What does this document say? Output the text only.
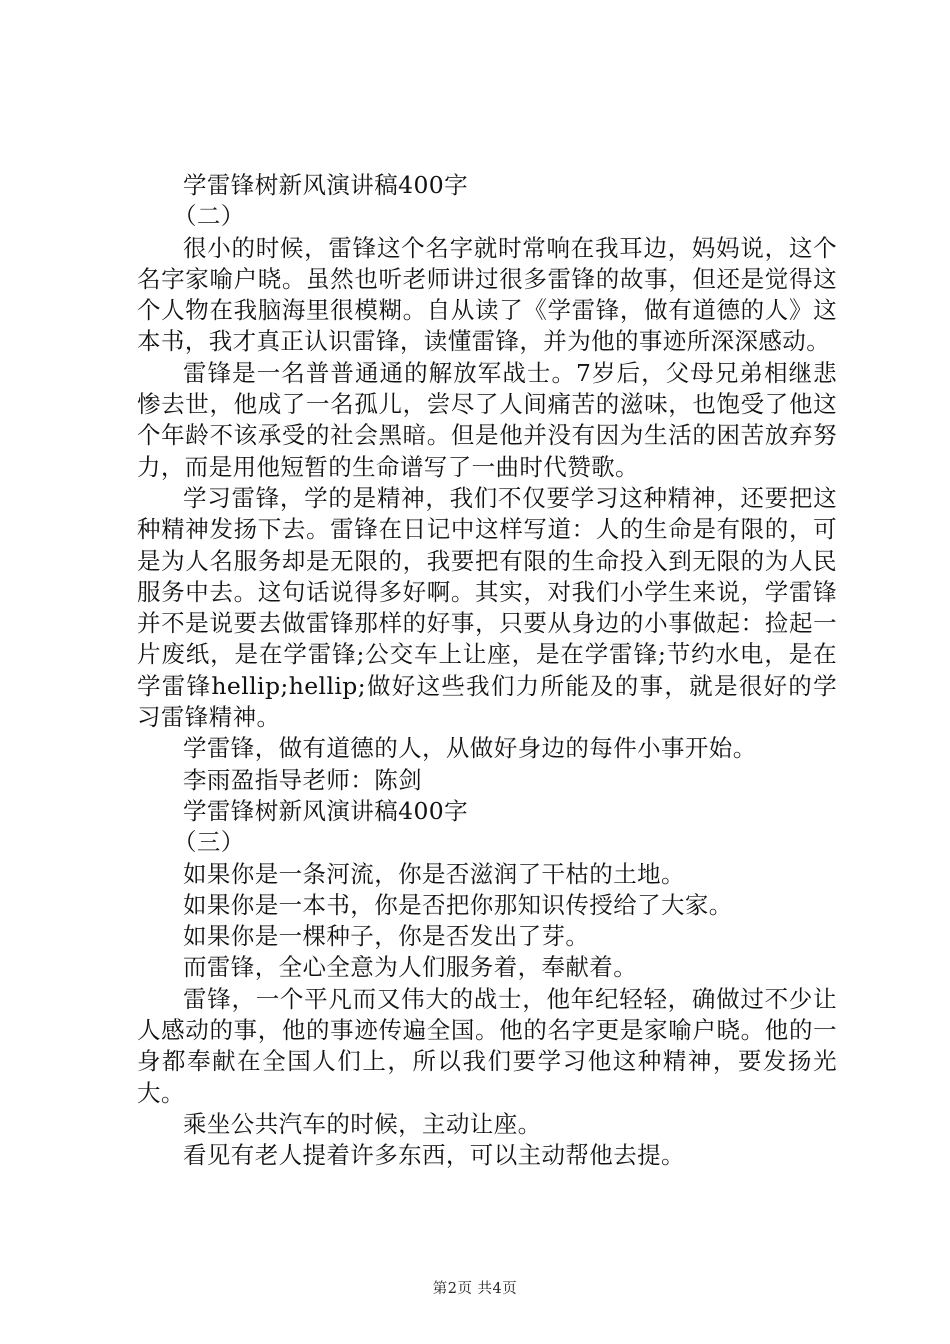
学雷锋树新风演讲稿400字

（二）

很小的时候，雷锋这个名字就时常响在我耳边，妈妈说，这个名字家喻户晓。虽然也听老师讲过很多雷锋的故事，但还是觉得这个人物在我脑海里很模糊。自从读了《学雷锋，做有道德的人》这本书，我才真正认识雷锋，读懂雷锋，并为他的事迹所深深感动。

雷锋是一名普普通通的解放军战士。7岁后，父母兄弟相继悲惨去世，他成了一名孤儿，尝尽了人间痛苦的滋味，也饱受了他这个年龄不该承受的社会黑暗。但是他并没有因为生活的困苦放弃努力，而是用他短暂的生命谱写了一曲时代赞歌。

学习雷锋，学的是精神，我们不仅要学习这种精神，还要把这种精神发扬下去。雷锋在日记中这样写道：人的生命是有限的，可是为人名服务却是无限的，我要把有限的生命投入到无限的为人民服务中去。这句话说得多好啊。其实，对我们小学生来说，学雷锋并不是说要去做雷锋那样的好事，只要从身边的小事做起：捡起一片废纸，是在学雷锋;公交车上让座，是在学雷锋;节约水电，是在学雷锋hellip;hellip;做好这些我们力所能及的事，就是很好的学习雷锋精神。

学雷锋，做有道德的人，从做好身边的每件小事开始。

李雨盈指导老师：陈剑

学雷锋树新风演讲稿400字

（三）

如果你是一条河流，你是否滋润了干枯的土地。

如果你是一本书，你是否把你那知识传授给了大家。

如果你是一棵种子，你是否发出了芽。

而雷锋，全心全意为人们服务着，奉献着。

雷锋，一个平凡而又伟大的战士，他年纪轻轻，确做过不少让人感动的事，他的事迹传遍全国。他的名字更是家喻户晓。他的一身都奉献在全国人们上，所以我们要学习他这种精神，要发扬光大。

乘坐公共汽车的时候，主动让座。

看见有老人提着许多东西，可以主动帮他去提。

第2页 共4页
